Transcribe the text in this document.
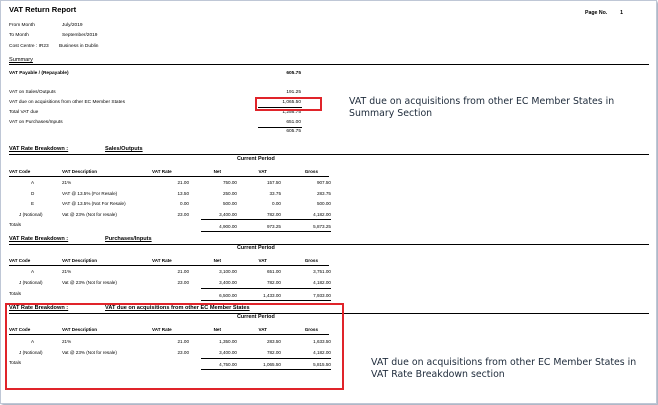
VAT Return Report	Page No. 1
From Month	July/2019
To Month	September/2019
Cost Centre : IR23 Business in Dublin
Summary
VAT Payable / (Repayable)	605.75
VAT on Sales/Outputs	191.25
VAT due on acquisitions from other EC Member States	1,065.50
Total VAT due	1,256.75
VAT on Purchases/Inputs	651.00
605.75
VAT due on acquisitions from other EC Member States in
Summary Section
VAT Rate Breakdown :	Sales/Outputs
Current Period
VAT Code	VAT Description	VAT Rate	Net	VAT	Gross
A	21%	21.00	750.00	157.50	907.50
D	VAT @ 13.5% (For Resale)	13.50	250.00	33.75	283.75
E	VAT @ 13.5% (Not For Resale)	0.00	500.00	0.00	500.00
J (Notional)	Vat @ 23% (Not for resale)	23.00	3,400.00	782.00	4,182.00
Totals	4,900.00	973.25	5,873.25
VAT Rate Breakdown :	Purchases/Inputs
Current Period
VAT Code	VAT Description	VAT Rate	Net	VAT	Gross
A	21%	21.00	3,100.00	651.00	3,751.00
J (Notional)	Vat @ 23% (Not for resale)	23.00	3,400.00	782.00	4,182.00
Totals	6,500.00	1,433.00	7,933.00
VAT Rate Breakdown :	VAT due on acquisitions from other EC Member States
Current Period
VAT Code	VAT Description	VAT Rate	Net	VAT	Gross
A	21%	21.00	1,350.00	283.50	1,633.50
J (Notional)	Vat @ 23% (Not for resale)	23.00	3,400.00	782.00	4,182.00
Totals	4,750.00	1,065.50	5,815.50	VAT due on acquisitions from other EC Member States in
VAT Rate Breakdown section
